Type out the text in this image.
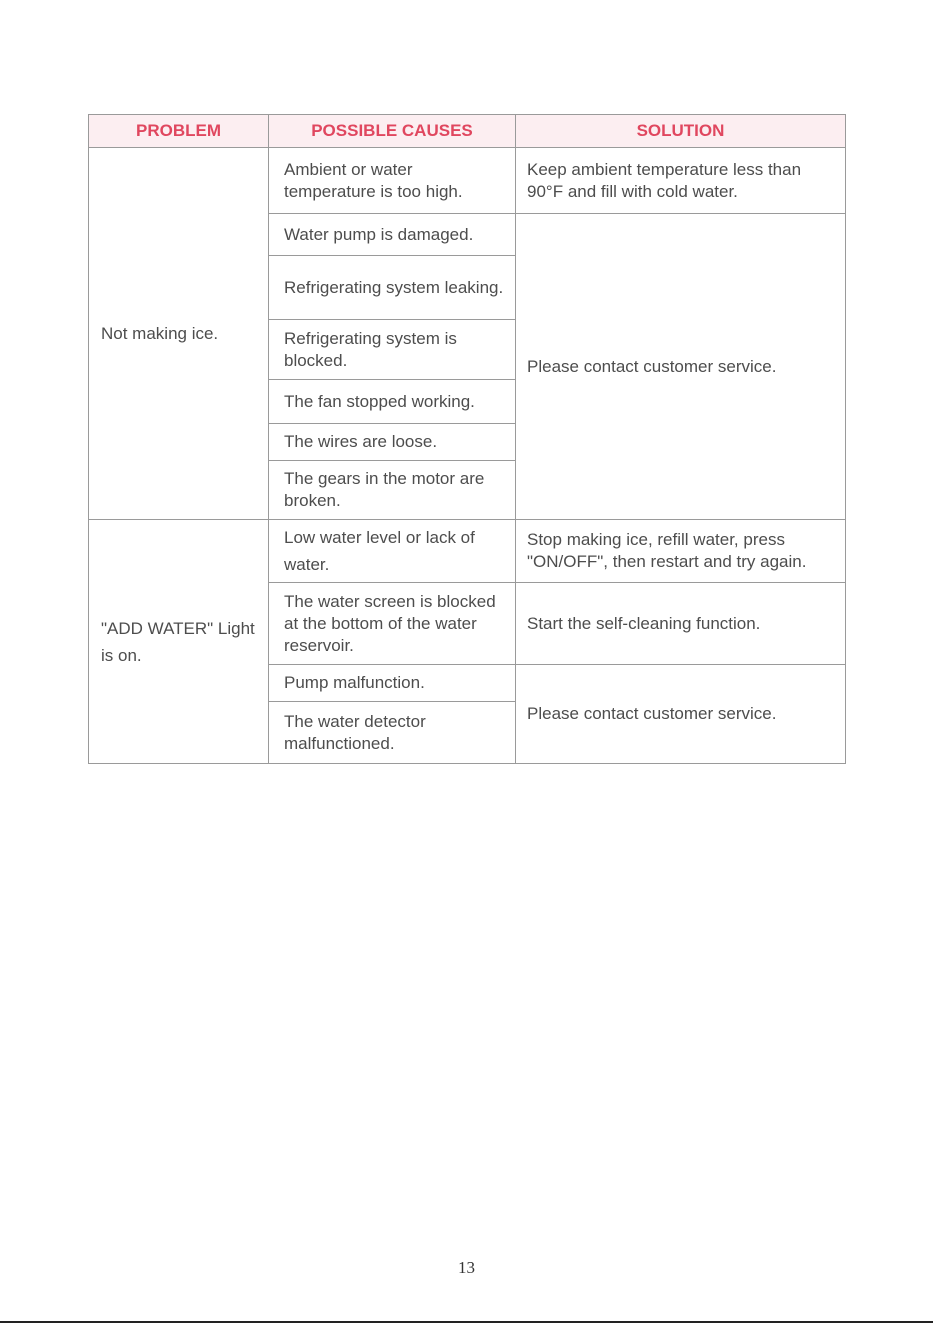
PROBLEM	POSSIBLE CAUSES	SOLUTION
Not making ice.	Ambient or water temperature is too high.	Keep ambient temperature less than 90°F and fill with cold water.
	Water pump is damaged.	Please contact customer service.
	Refrigerating system leaking.	
	Refrigerating system is blocked.	
	The fan stopped working.	
	The wires are loose.	
	The gears in the motor are broken.	
"ADD WATER" Light is on.	Low water level or lack of water.	Stop making ice, refill water, press "ON/OFF", then restart and try again.
	The water screen is blocked at the bottom of the water reservoir.	Start the self-cleaning function.
	Pump malfunction.	Please contact customer service.
	The water detector malfunctioned.	
13
